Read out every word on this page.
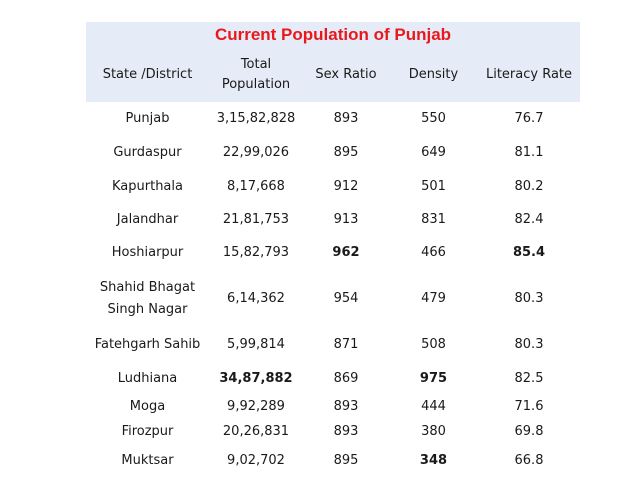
Current Population of Punjab
State /District	Total Population	Sex Ratio	Density	Literacy Rate
Punjab	3,15,82,828	893	550	76.7
Gurdaspur	22,99,026	895	649	81.1
Kapurthala	8,17,668	912	501	80.2
Jalandhar	21,81,753	913	831	82.4
Hoshiarpur	15,82,793	962	466	85.4
Shahid Bhagat Singh Nagar	6,14,362	954	479	80.3
Fatehgarh Sahib	5,99,814	871	508	80.3
Ludhiana	34,87,882	869	975	82.5
Moga	9,92,289	893	444	71.6
Firozpur	20,26,831	893	380	69.8
Muktsar	9,02,702	895	348	66.8
